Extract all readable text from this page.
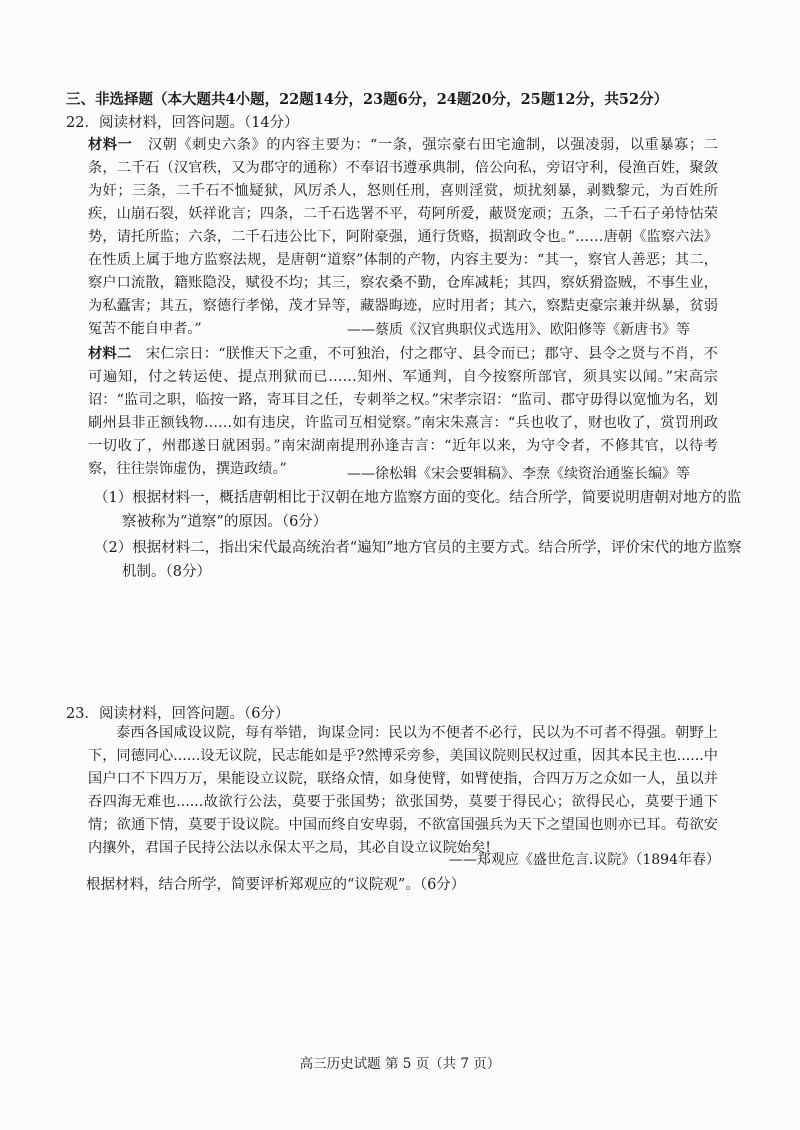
三、非选择题（本大题共4小题，22题14分，23题6分，24题20分，25题12分，共52分）
22．阅读材料，回答问题。（14分）
材料一 汉朝《刺史六条》的内容主要为：“一条，强宗豪右田宅逾制，以强凌弱，以重暴寡；二条，二千石（汉官秩，又为郡守的通称）不奉诏书遵承典制，倍公向私，旁诏守利，侵渔百姓，聚敛为奸；三条，二千石不恤疑狱，风厉杀人，怒则任刑，喜则淫赏，烦扰刻暴，剥戮黎元，为百姓所疾，山崩石裂，妖祥讹言；四条，二千石选署不平，苟阿所爱，蔽贤宠顽；五条，二千石子弟恃怙荣势，请托所监；六条，二千石违公比下，阿附豪强，通行货赂，损割政令也。”……唐朝《监察六法》在性质上属于地方监察法规，是唐朝“道察”体制的产物，内容主要为：“其一，察官人善恶；其二，察户口流散，籍账隐没，赋役不均；其三，察农桑不勤，仓库减耗；其四，察妖猾盗贼，不事生业，为私蠹害；其五，察德行孝悌，茂才异等，藏器晦迹，应时用者；其六，察黠吏豪宗兼并纵暴，贫弱冤苦不能自申者。”	——蔡质《汉官典职仪式选用》、欧阳修等《新唐书》等
材料二 宋仁宗日：“朕惟天下之重，不可独治，付之郡守、县令而已；郡守、县令之贤与不肖，不可遍知，付之转运使、提点刑狱而已……知州、军通判，自今按察所部官，须具实以闻。”宋高宗诏：“监司之职，临按一路，寄耳目之任，专刺举之权。”宋孝宗诏：“监司、郡守毋得以宽恤为名，划刷州县非正额钱物……如有违戾，许监司互相觉察。”南宋朱熹言：“兵也收了，财也收了，赏罚刑政一切收了，州郡遂日就困弱。”南宋湖南提刑孙逢吉言：“近年以来，为守令者，不修其官，以待考察，往往崇饰虚伪，撰造政绩。”	——徐松辑《宋会要辑稿》、李焘《续资治通鉴长编》等
（1）根据材料一，概括唐朝相比于汉朝在地方监察方面的变化。结合所学，简要说明唐朝对地方的监察被称为“道察”的原因。（6分）
（2）根据材料二，指出宋代最高统治者“遍知”地方官员的主要方式。结合所学，评价宋代的地方监察机制。（8分）
23．阅读材料，回答问题。（6分）
泰西各国咸设议院，每有举错，询谋佥同：民以为不便者不必行，民以为不可者不得强。朝野上下，同德同心......设无议院，民志能如是乎?然博采旁参，美国议院则民权过重，因其本民主也......中国户口不下四万万，果能设立议院，联络众情，如身使臂，如臂使指，合四万万之众如一人，虽以并吞四海无难也......故欲行公法，莫要于张国势；欲张国势，莫要于得民心；欲得民心，莫要于通下情；欲通下情，莫要于设议院。中国而终自安卑弱，不欲富国强兵为天下之望国也则亦已耳。苟欲安内攘外，君国子民持公法以永保太平之局，其必自设立议院始矣!
——郑观应《盛世危言.议院》（1894年春）
根据材料，结合所学，简要评析郑观应的“议院观”。（6分）
高三历史试题 第 5 页（共 7 页）
